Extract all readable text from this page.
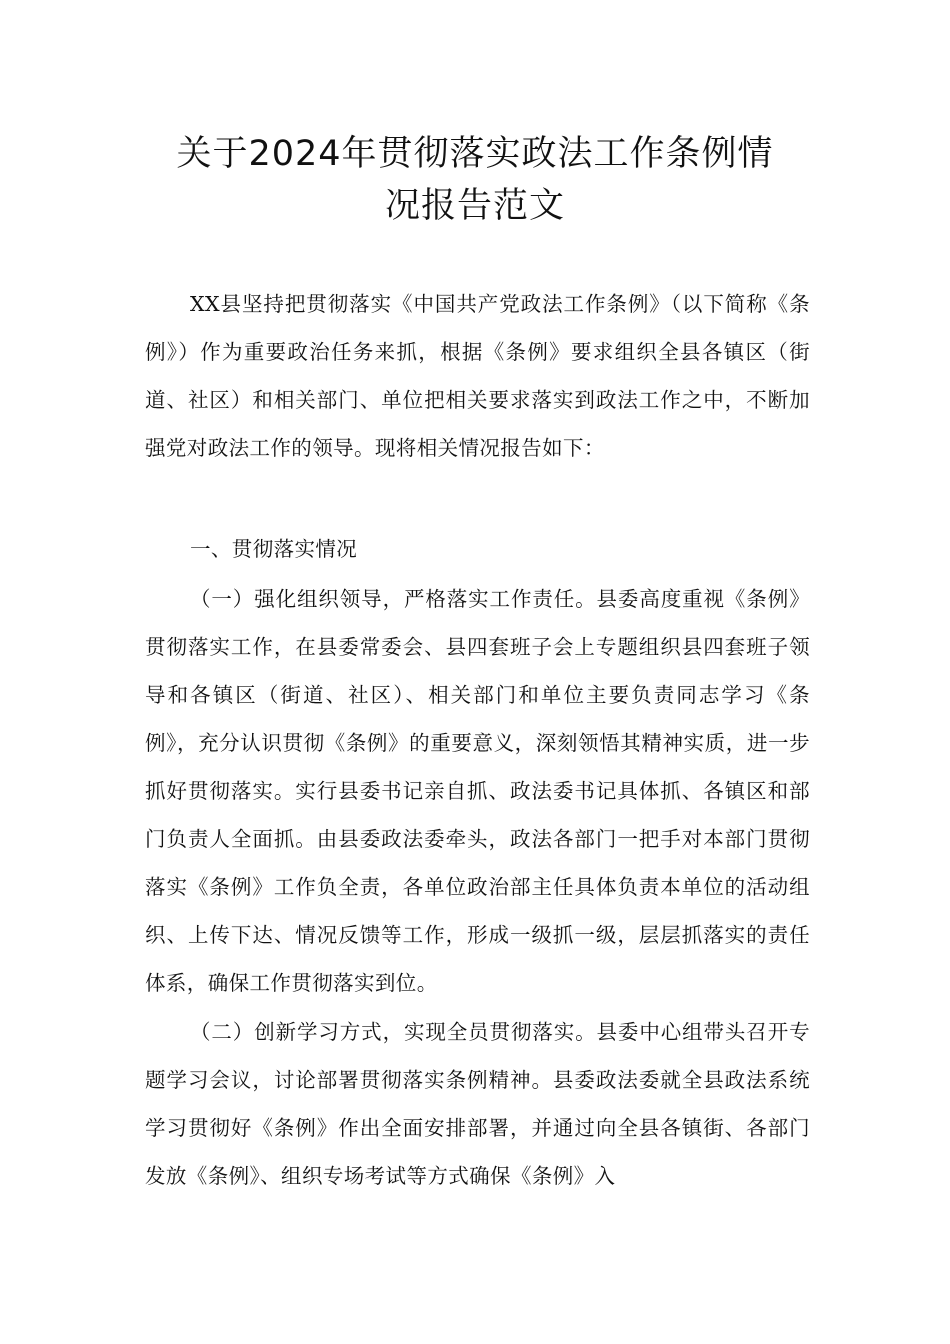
关于2024年贯彻落实政法工作条例情
况报告范文

XX县坚持把贯彻落实《中国共产党政法工作条例》（以下简称《条例》）作为重要政治任务来抓，根据《条例》要求组织全县各镇区（街道、社区）和相关部门、单位把相关要求落实到政法工作之中，不断加强党对政法工作的领导。现将相关情况报告如下：

一、贯彻落实情况

（一）强化组织领导，严格落实工作责任。县委高度重视《条例》贯彻落实工作，在县委常委会、县四套班子会上专题组织县四套班子领导和各镇区（街道、社区）、相关部门和单位主要负责同志学习《条例》，充分认识贯彻《条例》的重要意义，深刻领悟其精神实质，进一步抓好贯彻落实。实行县委书记亲自抓、政法委书记具体抓、各镇区和部门负责人全面抓。由县委政法委牵头，政法各部门一把手对本部门贯彻落实《条例》工作负全责，各单位政治部主任具体负责本单位的活动组织、上传下达、情况反馈等工作，形成一级抓一级，层层抓落实的责任体系，确保工作贯彻落实到位。

（二）创新学习方式，实现全员贯彻落实。县委中心组带头召开专题学习会议，讨论部署贯彻落实条例精神。县委政法委就全县政法系统学习贯彻好《条例》作出全面安排部署，并通过向全县各镇街、各部门发放《条例》、组织专场考试等方式确保《条例》入
